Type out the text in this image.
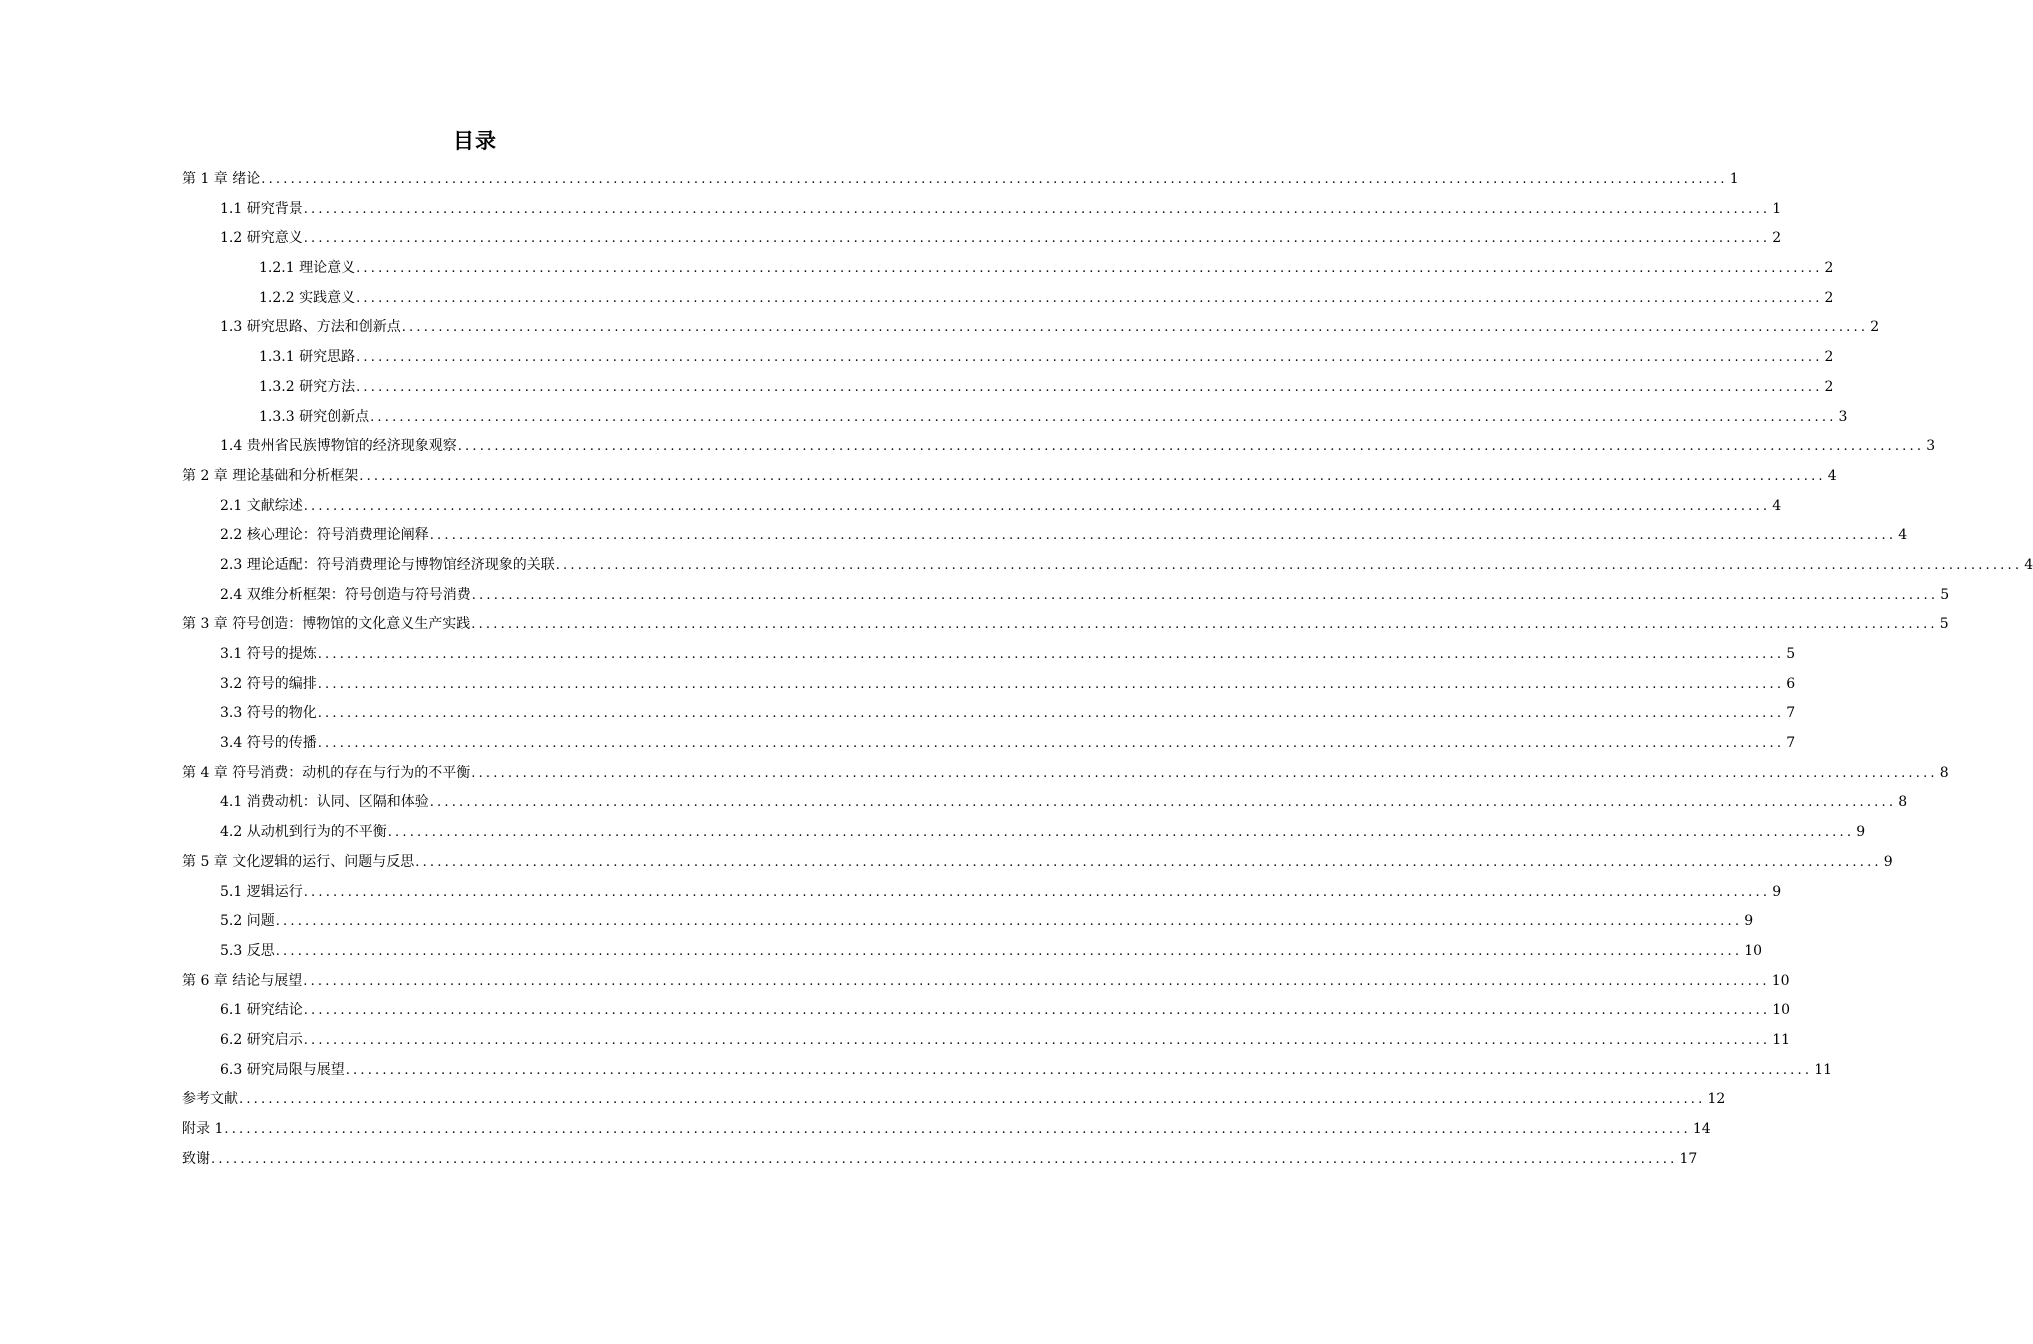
目录
第 1 章 绪论 ........................................................................................................................................................................................................ 1
1.1 研究背景 ........................................................................................................................................................................................................ 1
1.2 研究意义 ........................................................................................................................................................................................................ 2
1.2.1 理论意义 ........................................................................................................................................................................................................ 2
1.2.2 实践意义 ........................................................................................................................................................................................................ 2
1.3 研究思路、方法和创新点 ........................................................................................................................................................................................................ 2
1.3.1 研究思路 ........................................................................................................................................................................................................ 2
1.3.2 研究方法 ........................................................................................................................................................................................................ 2
1.3.3 研究创新点 ........................................................................................................................................................................................................ 3
1.4 贵州省民族博物馆的经济现象观察 ........................................................................................................................................................................................................ 3
第 2 章 理论基础和分析框架 ........................................................................................................................................................................................................ 4
2.1 文献综述 ........................................................................................................................................................................................................ 4
2.2 核心理论：符号消费理论阐释 ........................................................................................................................................................................................................ 4
2.3 理论适配：符号消费理论与博物馆经济现象的关联 ........................................................................................................................................................................................................ 4
2.4 双维分析框架：符号创造与符号消费 ........................................................................................................................................................................................................ 5
第 3 章 符号创造：博物馆的文化意义生产实践 ........................................................................................................................................................................................................ 5
3.1 符号的提炼 ........................................................................................................................................................................................................ 5
3.2 符号的编排 ........................................................................................................................................................................................................ 6
3.3 符号的物化 ........................................................................................................................................................................................................ 7
3.4 符号的传播 ........................................................................................................................................................................................................ 7
第 4 章 符号消费：动机的存在与行为的不平衡 ........................................................................................................................................................................................................ 8
4.1 消费动机：认同、区隔和体验 ........................................................................................................................................................................................................ 8
4.2 从动机到行为的不平衡 ........................................................................................................................................................................................................ 9
第 5 章 文化逻辑的运行、问题与反思 ........................................................................................................................................................................................................ 9
5.1 逻辑运行 ........................................................................................................................................................................................................ 9
5.2 问题 ........................................................................................................................................................................................................ 9
5.3 反思 ........................................................................................................................................................................................................ 10
第 6 章 结论与展望 ........................................................................................................................................................................................................ 10
6.1 研究结论 ........................................................................................................................................................................................................ 10
6.2 研究启示 ........................................................................................................................................................................................................ 11
6.3 研究局限与展望 ........................................................................................................................................................................................................ 11
参考文献 ........................................................................................................................................................................................................ 12
附录 1 ........................................................................................................................................................................................................ 14
致谢 ........................................................................................................................................................................................................ 17
